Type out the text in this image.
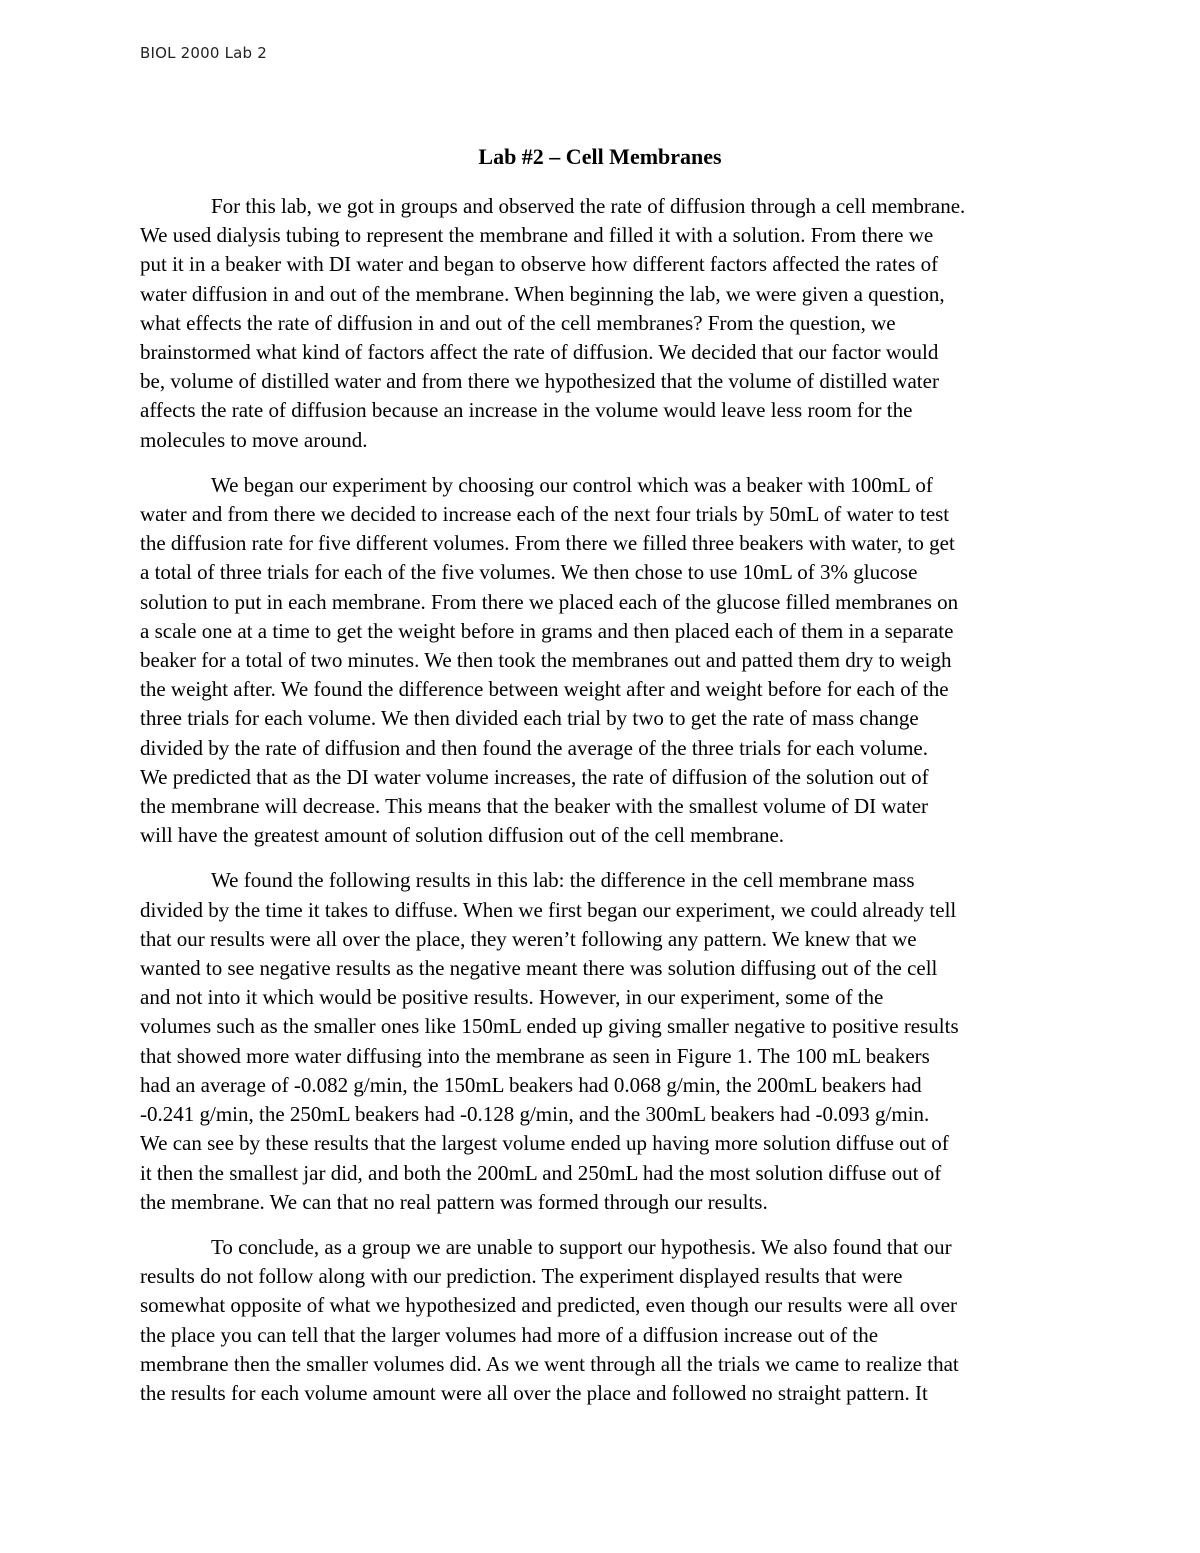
BIOL 2000 Lab 2
Lab #2 – Cell Membranes

For this lab, we got in groups and observed the rate of diffusion through a cell membrane.
We used dialysis tubing to represent the membrane and filled it with a solution. From there we
put it in a beaker with DI water and began to observe how different factors affected the rates of
water diffusion in and out of the membrane. When beginning the lab, we were given a question,
what effects the rate of diffusion in and out of the cell membranes? From the question, we
brainstormed what kind of factors affect the rate of diffusion. We decided that our factor would
be, volume of distilled water and from there we hypothesized that the volume of distilled water
affects the rate of diffusion because an increase in the volume would leave less room for the
molecules to move around.

We began our experiment by choosing our control which was a beaker with 100mL of
water and from there we decided to increase each of the next four trials by 50mL of water to test
the diffusion rate for five different volumes. From there we filled three beakers with water, to get
a total of three trials for each of the five volumes. We then chose to use 10mL of 3% glucose
solution to put in each membrane. From there we placed each of the glucose filled membranes on
a scale one at a time to get the weight before in grams and then placed each of them in a separate
beaker for a total of two minutes. We then took the membranes out and patted them dry to weigh
the weight after. We found the difference between weight after and weight before for each of the
three trials for each volume. We then divided each trial by two to get the rate of mass change
divided by the rate of diffusion and then found the average of the three trials for each volume.
We predicted that as the DI water volume increases, the rate of diffusion of the solution out of
the membrane will decrease. This means that the beaker with the smallest volume of DI water
will have the greatest amount of solution diffusion out of the cell membrane.

We found the following results in this lab: the difference in the cell membrane mass
divided by the time it takes to diffuse. When we first began our experiment, we could already tell
that our results were all over the place, they weren’t following any pattern. We knew that we
wanted to see negative results as the negative meant there was solution diffusing out of the cell
and not into it which would be positive results. However, in our experiment, some of the
volumes such as the smaller ones like 150mL ended up giving smaller negative to positive results
that showed more water diffusing into the membrane as seen in Figure 1. The 100 mL beakers
had an average of -0.082 g/min, the 150mL beakers had 0.068 g/min, the 200mL beakers had
-0.241 g/min, the 250mL beakers had -0.128 g/min, and the 300mL beakers had -0.093 g/min.
We can see by these results that the largest volume ended up having more solution diffuse out of
it then the smallest jar did, and both the 200mL and 250mL had the most solution diffuse out of
the membrane. We can that no real pattern was formed through our results.

To conclude, as a group we are unable to support our hypothesis. We also found that our
results do not follow along with our prediction. The experiment displayed results that were
somewhat opposite of what we hypothesized and predicted, even though our results were all over
the place you can tell that the larger volumes had more of a diffusion increase out of the
membrane then the smaller volumes did. As we went through all the trials we came to realize that
the results for each volume amount were all over the place and followed no straight pattern. It
